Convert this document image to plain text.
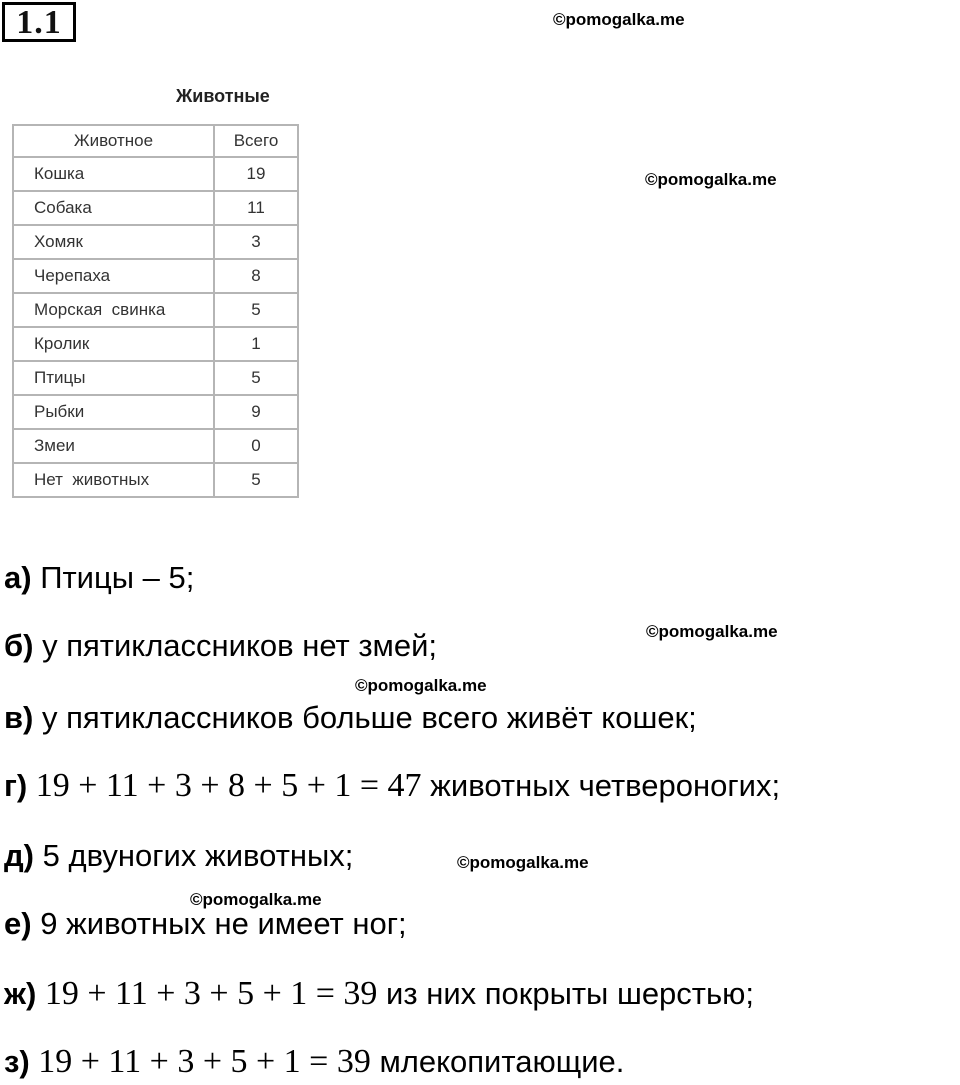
1.1	©pomogalka.me
©pomogalka.me
©pomogalka.me
©pomogalka.me
©pomogalka.me
©pomogalka.me
Животные
Животное	Всего
Кошка	19
Собака	11
Хомяк	3
Черепаха	8
Морская  свинка	5
Кролик	1
Птицы	5
Рыбки	9
Змеи	0
Нет  животных	5
а) Птицы – 5;
б) у пятиклассников нет змей;
в) у пятиклассников больше всего живёт кошек;
г) 19 + 11 + 3 + 8 + 5 + 1 = 47 животных четвероногих;
д) 5 двуногих животных;
е) 9 животных не имеет ног;
ж) 19 + 11 + 3 + 5 + 1 = 39 из них покрыты шерстью;
з) 19 + 11 + 3 + 5 + 1 = 39 млекопитающие.
